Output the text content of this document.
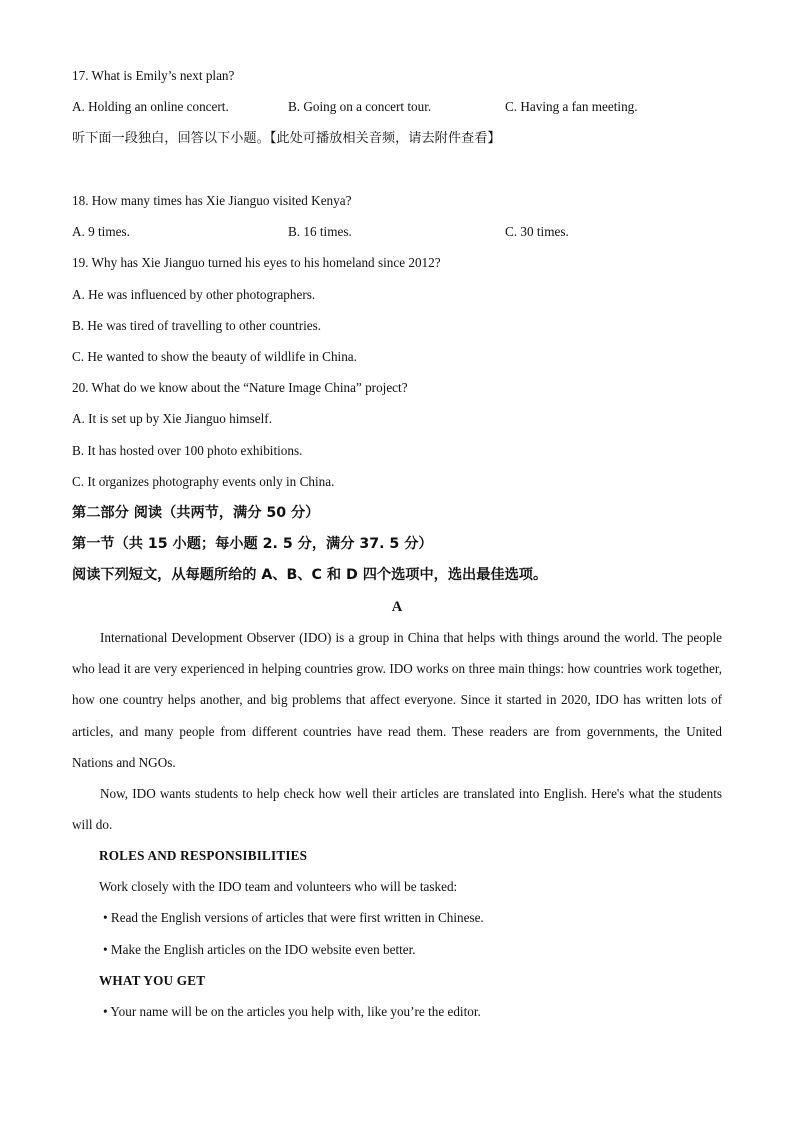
17. What is Emily’s next plan?
A. Holding an online concert.	B. Going on a concert tour.	C. Having a fan meeting.
听下面一段独白，回答以下小题。【此处可播放相关音频，请去附件查看】
18. How many times has Xie Jianguo visited Kenya?
A. 9 times.	B. 16 times.	C. 30 times.
19. Why has Xie Jianguo turned his eyes to his homeland since 2012?
A. He was influenced by other photographers.
B. He was tired of travelling to other countries.
C. He wanted to show the beauty of wildlife in China.
20. What do we know about the “Nature Image China” project?
A. It is set up by Xie Jianguo himself.
B. It has hosted over 100 photo exhibitions.
C. It organizes photography events only in China.
第二部分 阅读（共两节，满分 50 分）
第一节（共 15 小题；每小题 2. 5 分，满分 37. 5 分）
阅读下列短文，从每题所给的 A、B、C 和 D 四个选项中，选出最佳选项。
A
International Development Observer (IDO) is a group in China that helps with things around the world. The people who lead it are very experienced in helping countries grow. IDO works on three main things: how countries work together, how one country helps another, and big problems that affect everyone. Since it started in 2020, IDO has written lots of articles, and many people from different countries have read them. These readers are from governments, the United Nations and NGOs.
Now, IDO wants students to help check how well their articles are translated into English. Here's what the students will do.
ROLES AND RESPONSIBILITIES
Work closely with the IDO team and volunteers who will be tasked:
• Read the English versions of articles that were first written in Chinese.
• Make the English articles on the IDO website even better.
WHAT YOU GET
• Your name will be on the articles you help with, like you’re the editor.
